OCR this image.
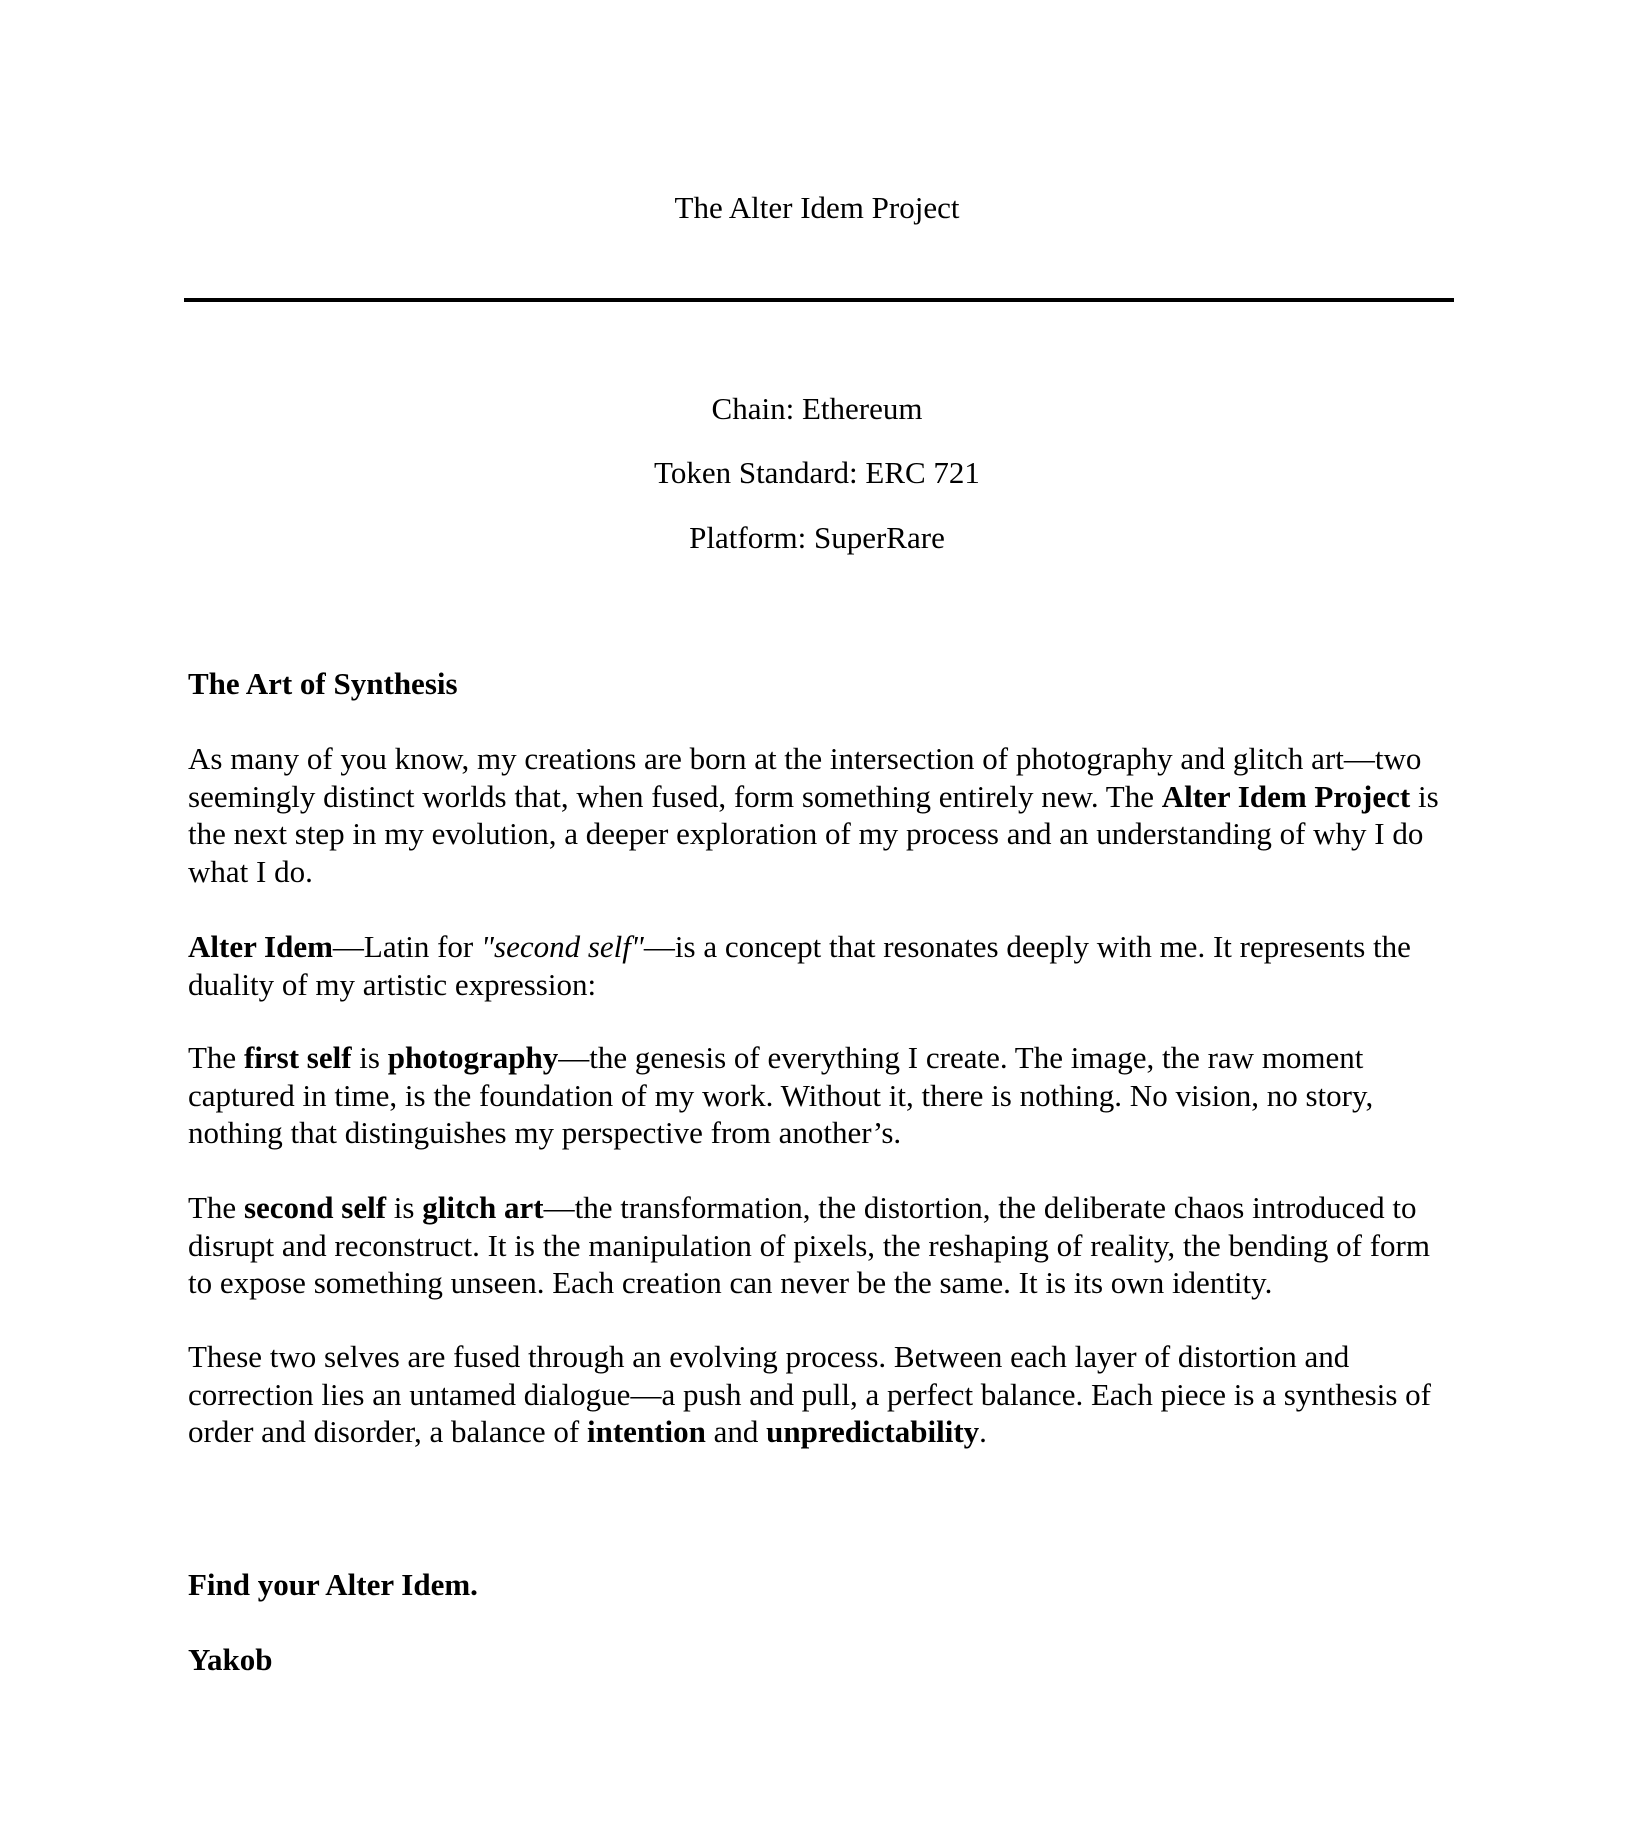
The Alter Idem Project
Chain: Ethereum
Token Standard: ERC 721
Platform: SuperRare
The Art of Synthesis

As many of you know, my creations are born at the intersection of photography and glitch art—two seemingly distinct worlds that, when fused, form something entirely new. The Alter Idem Project is the next step in my evolution, a deeper exploration of my process and an understanding of why I do what I do.

Alter Idem—Latin for "second self"—is a concept that resonates deeply with me. It represents the duality of my artistic expression:

The first self is photography—the genesis of everything I create. The image, the raw moment captured in time, is the foundation of my work. Without it, there is nothing. No vision, no story, nothing that distinguishes my perspective from another’s.

The second self is glitch art—the transformation, the distortion, the deliberate chaos introduced to disrupt and reconstruct. It is the manipulation of pixels, the reshaping of reality, the bending of form to expose something unseen. Each creation can never be the same. It is its own identity.

These two selves are fused through an evolving process. Between each layer of distortion and correction lies an untamed dialogue—a push and pull, a perfect balance. Each piece is a synthesis of order and disorder, a balance of intention and unpredictability.

Find your Alter Idem.
Yakob
